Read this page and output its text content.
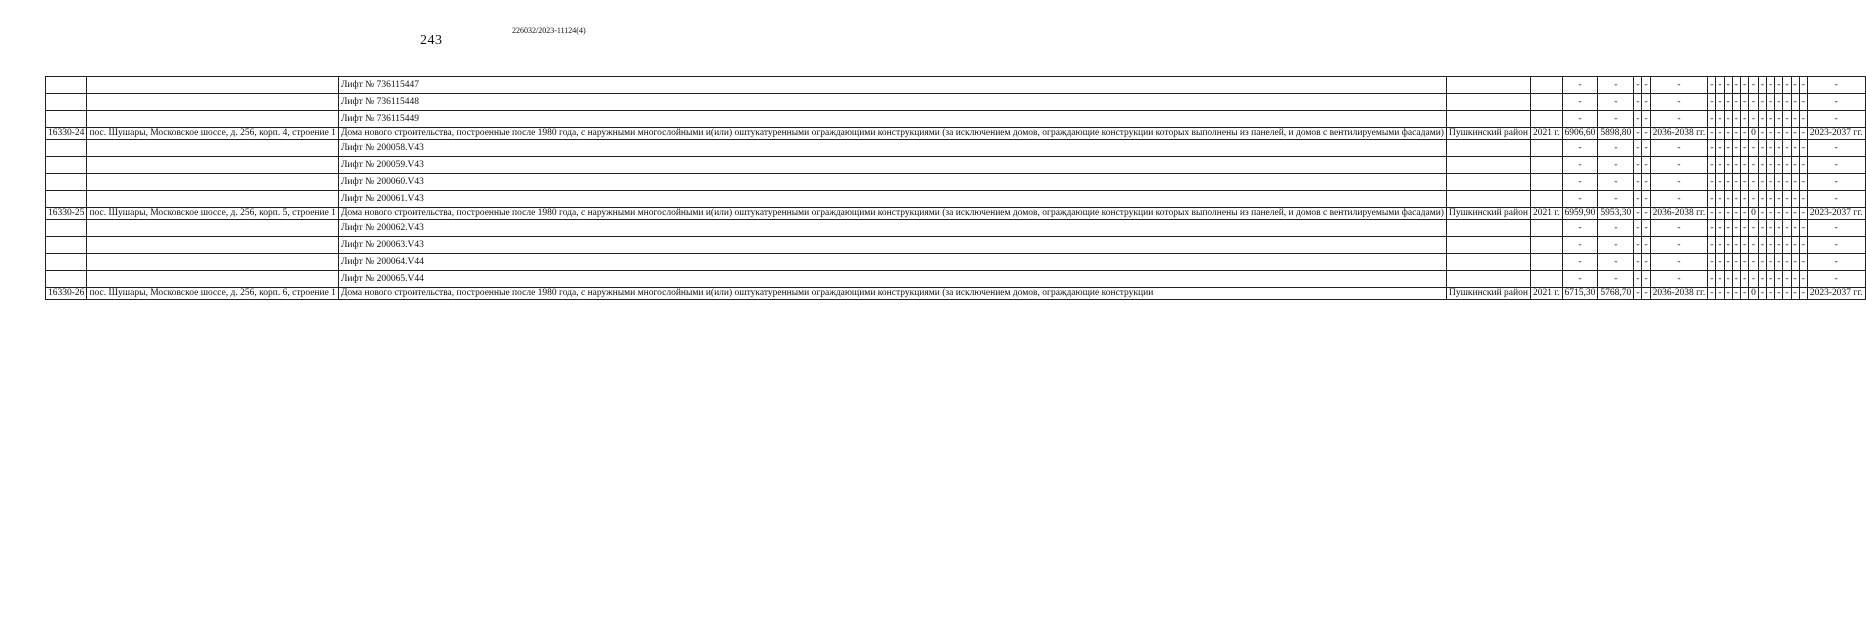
243
226032/2023-11124(4)
		Лифт № 736115447			-	-	-	-	-	-	-	-	-	-	-	-	-	-	-	-	-	-
		Лифт № 736115448			-	-	-	-	-	-	-	-	-	-	-	-	-	-	-	-	-	-
		Лифт № 736115449			-	-	-	-	-	-	-	-	-	-	-	-	-	-	-	-	-	-
16330-24	пос. Шушары, Московское шоссе, д. 256, корп. 4, строение 1	Дома нового строительства, построенные после 1980 года, с наружными многослойными и(или) оштукатуренными ограждающими конструкциями (за исключением домов, ограждающие конструкции которых выполнены из панелей, и домов с вентилируемыми фасадами)	Пушкинский район	2021 г.	6906,60	5898,80	-	-	2036-2038 гг.	-	-	-	-	-	0	-	-	-	-	-	-	2023-2037 гг.
		Лифт № 200058.V43			-	-	-	-	-	-	-	-	-	-	-	-	-	-	-	-	-	-
		Лифт № 200059.V43			-	-	-	-	-	-	-	-	-	-	-	-	-	-	-	-	-	-
		Лифт № 200060.V43			-	-	-	-	-	-	-	-	-	-	-	-	-	-	-	-	-	-
		Лифт № 200061.V43			-	-	-	-	-	-	-	-	-	-	-	-	-	-	-	-	-	-
16330-25	пос. Шушары, Московское шоссе, д. 256, корп. 5, строение 1	Дома нового строительства, построенные после 1980 года, с наружными многослойными и(или) оштукатуренными ограждающими конструкциями (за исключением домов, ограждающие конструкции которых выполнены из панелей, и домов с вентилируемыми фасадами)	Пушкинский район	2021 г.	6959,90	5953,30	-	-	2036-2038 гг.	-	-	-	-	-	0	-	-	-	-	-	-	2023-2037 гг.
		Лифт № 200062.V43			-	-	-	-	-	-	-	-	-	-	-	-	-	-	-	-	-	-
		Лифт № 200063.V43			-	-	-	-	-	-	-	-	-	-	-	-	-	-	-	-	-	-
		Лифт № 200064.V44			-	-	-	-	-	-	-	-	-	-	-	-	-	-	-	-	-	-
		Лифт № 200065.V44			-	-	-	-	-	-	-	-	-	-	-	-	-	-	-	-	-	-
16330-26	пос. Шушары, Московское шоссе, д. 256, корп. 6, строение 1	Дома нового строительства, построенные после 1980 года, с наружными многослойными и(или) оштукатуренными ограждающими конструкциями (за исключением домов, ограждающие конструкции	Пушкинский район	2021 г.	6715,30	5768,70	-	-	2036-2038 гг.	-	-	-	-	-	0	-	-	-	-	-	-	2023-2037 гг.
